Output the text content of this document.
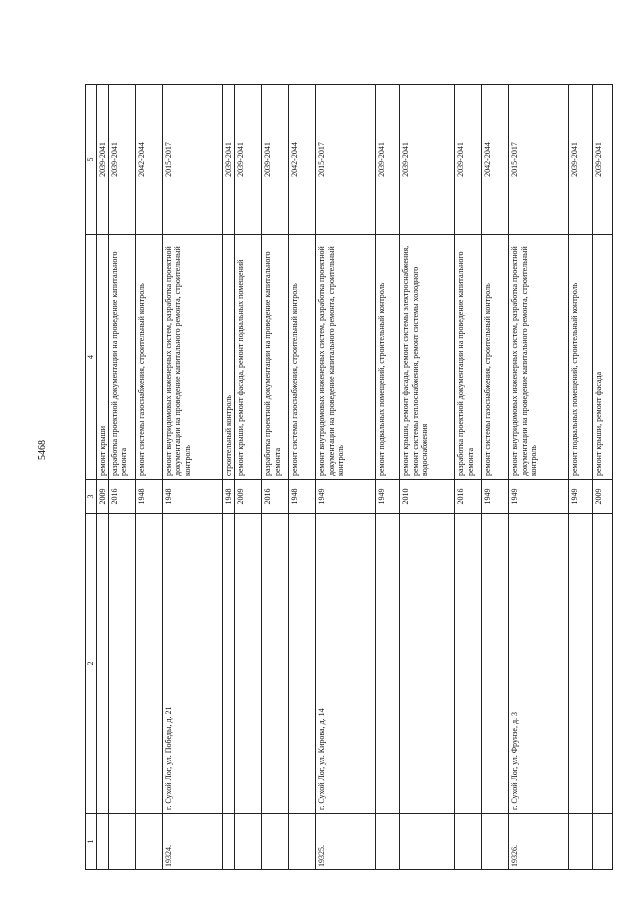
5468
1	2	3	4	5
		2009	ремонт крыши	2039-2041
		2016	разработка проектной документации на проведение капитального ремонта	2039-2041
		1948	ремонт системы газоснабжения, строительный контроль	2042-2044
19324.	г. Сухой Лог, ул. Победы, д. 21	1948	ремонт внутридомовых инженерных систем, разработка проектной документации на проведение капитального ремонта, строительный контроль	2015-2017
		1948	строительный контроль	2039-2041
		2009	ремонт крыши, ремонт фасада, ремонт подвальных помещений	2039-2041
		2016	разработка проектной документации на проведение капитального ремонта	2039-2041
		1948	ремонт системы газоснабжения, строительный контроль	2042-2044
19325.	г. Сухой Лог, ул. Кирова, д. 14	1949	ремонт внутридомовых инженерных систем, разработка проектной документации на проведение капитального ремонта, строительный контроль	2015-2017
		1949	ремонт подвальных помещений, строительный контроль	2039-2041
		2010	ремонт крыши, ремонт фасада, ремонт системы электроснабжения, ремонт системы теплоснабжения, ремонт системы холодного водоснабжения	2039-2041
		2016	разработка проектной документации на проведение капитального ремонта	2039-2041
		1949	ремонт системы газоснабжения, строительный контроль	2042-2044
19326.	г. Сухой Лог, ул. Фрунзе, д. 3	1949	ремонт внутридомовых инженерных систем, разработка проектной документации на проведение капитального ремонта, строительный контроль	2015-2017
		1949	ремонт подвальных помещений, строительный контроль	2039-2041
		2009	ремонт крыши, ремонт фасада	2039-2041
